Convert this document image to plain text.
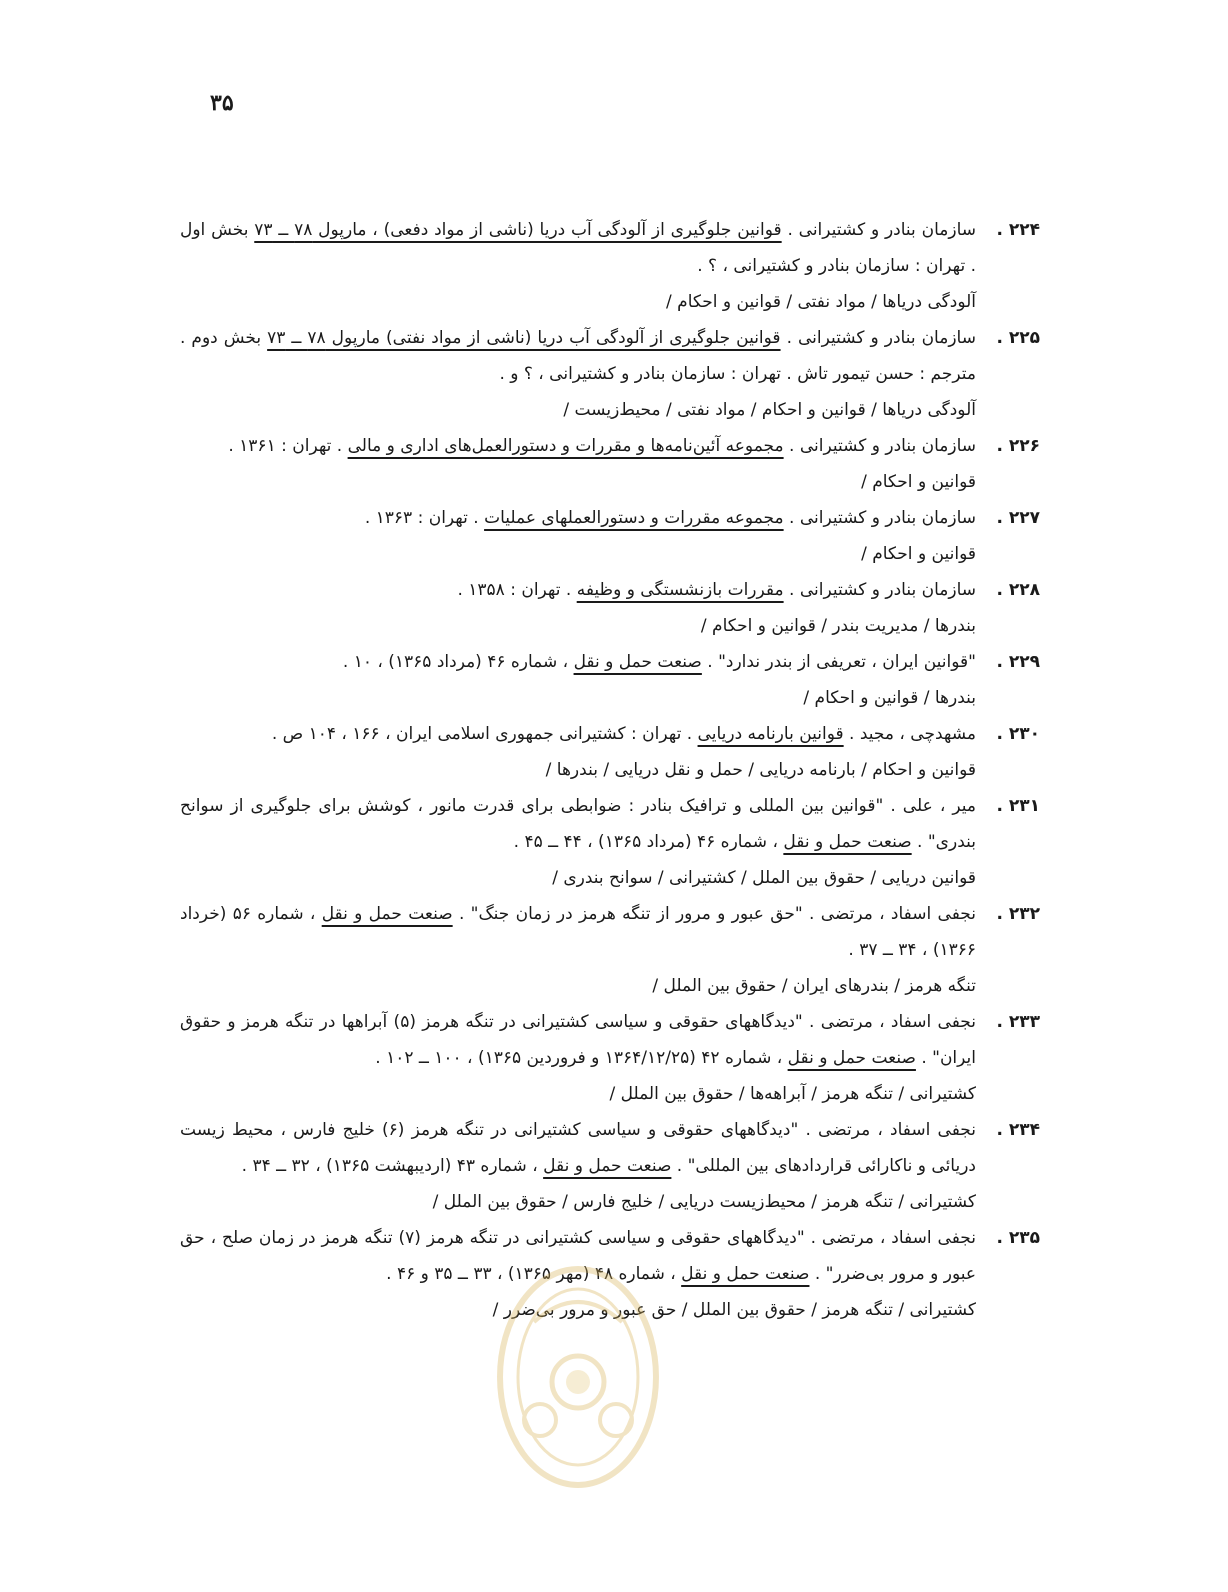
۳۵
۲۲۴ .
سازمان بنادر و کشتیرانی . قوانین جلوگیری از آلودگی آب دریا (ناشی از مواد دفعی) ، مارپول ۷۸ ــ ۷۳ بخش اول . تهران : سازمان بنادر و کشتیرانی ، ؟ .
آلودگی دریاها / مواد نفتی / قوانین و احکام /
۲۲۵ .
سازمان بنادر و کشتیرانی . قوانین جلوگیری از آلودگی آب دریا (ناشی از مواد نفتی) مارپول ۷۸ ــ ۷۳ بخش دوم . مترجم : حسن تیمور تاش . تهران : سازمان بنادر و کشتیرانی ، ؟ و .
آلودگی دریاها / قوانین و احکام / مواد نفتی / محیط‌زیست /
۲۲۶ .
سازمان بنادر و کشتیرانی . مجموعه آئین‌نامه‌ها و مقررات و دستورالعمل‌های اداری و مالی . تهران : ۱۳۶۱ .
قوانین و احکام /
۲۲۷ .
سازمان بنادر و کشتیرانی . مجموعه مقررات و دستورالعملهای عملیات . تهران : ۱۳۶۳ .
قوانین و احکام /
۲۲۸ .
سازمان بنادر و کشتیرانی . مقررات بازنشستگی و وظیفه . تهران : ۱۳۵۸ .
بندرها / مدیریت بندر / قوانین و احکام /
۲۲۹ .
"قوانین ایران ، تعریفی از بندر ندارد" . صنعت حمل و نقل ، شماره ۴۶ (مرداد ۱۳۶۵) ، ۱۰ .
بندرها / قوانین و احکام /
۲۳۰ .
مشهدچی ، مجید . قوانین بارنامه دریایی . تهران : کشتیرانی جمهوری اسلامی ایران ، ۱۶۶ ، ۱۰۴ ص .
قوانین و احکام / بارنامه دریایی / حمل و نقل دریایی / بندرها /
۲۳۱ .
میر ، علی . "قوانین بین المللی و ترافیک بنادر : ضوابطی برای قدرت مانور ، کوشش برای جلوگیری از سوانح بندری" . صنعت حمل و نقل ، شماره ۴۶ (مرداد ۱۳۶۵) ، ۴۴ ــ ۴۵ .
قوانین دریایی / حقوق بین الملل / کشتیرانی / سوانح بندری /
۲۳۲ .
نجفی اسفاد ، مرتضی . "حق عبور و مرور از تنگه هرمز در زمان جنگ" . صنعت حمل و نقل ، شماره ۵۶ (خرداد ۱۳۶۶) ، ۳۴ ــ ۳۷ .
تنگه هرمز / بندرهای ایران / حقوق بین الملل /
۲۳۳ .
نجفی اسفاد ، مرتضی . "دیدگاههای حقوقی و سیاسی کشتیرانی در تنگه هرمز (۵) آبراهها در تنگه هرمز و حقوق ایران" . صنعت حمل و نقل ، شماره ۴۲ (۱۳۶۴/۱۲/۲۵ و فروردین ۱۳۶۵) ، ۱۰۰ ــ ۱۰۲ .
کشتیرانی / تنگه هرمز / آبراهه‌ها / حقوق بین الملل /
۲۳۴ .
نجفی اسفاد ، مرتضی . "دیدگاههای حقوقی و سیاسی کشتیرانی در تنگه هرمز (۶) خلیج فارس ، محیط زیست دریائی و ناکارائی قراردادهای بین المللی" . صنعت حمل و نقل ، شماره ۴۳ (اردیبهشت ۱۳۶۵) ، ۳۲ ــ ۳۴ .
کشتیرانی / تنگه هرمز / محیط‌زیست دریایی / خلیج فارس / حقوق بین الملل /
۲۳۵ .
نجفی اسفاد ، مرتضی . "دیدگاههای حقوقی و سیاسی کشتیرانی در تنگه هرمز (۷) تنگه هرمز در زمان صلح ، حق عبور و مرور بی‌ضرر" . صنعت حمل و نقل ، شماره ۴۸ (مهر ۱۳۶۵) ، ۳۳ ــ ۳۵ و ۴۶ .
کشتیرانی / تنگه هرمز / حقوق بین الملل / حق عبور و مرور بی‌ضرر /
